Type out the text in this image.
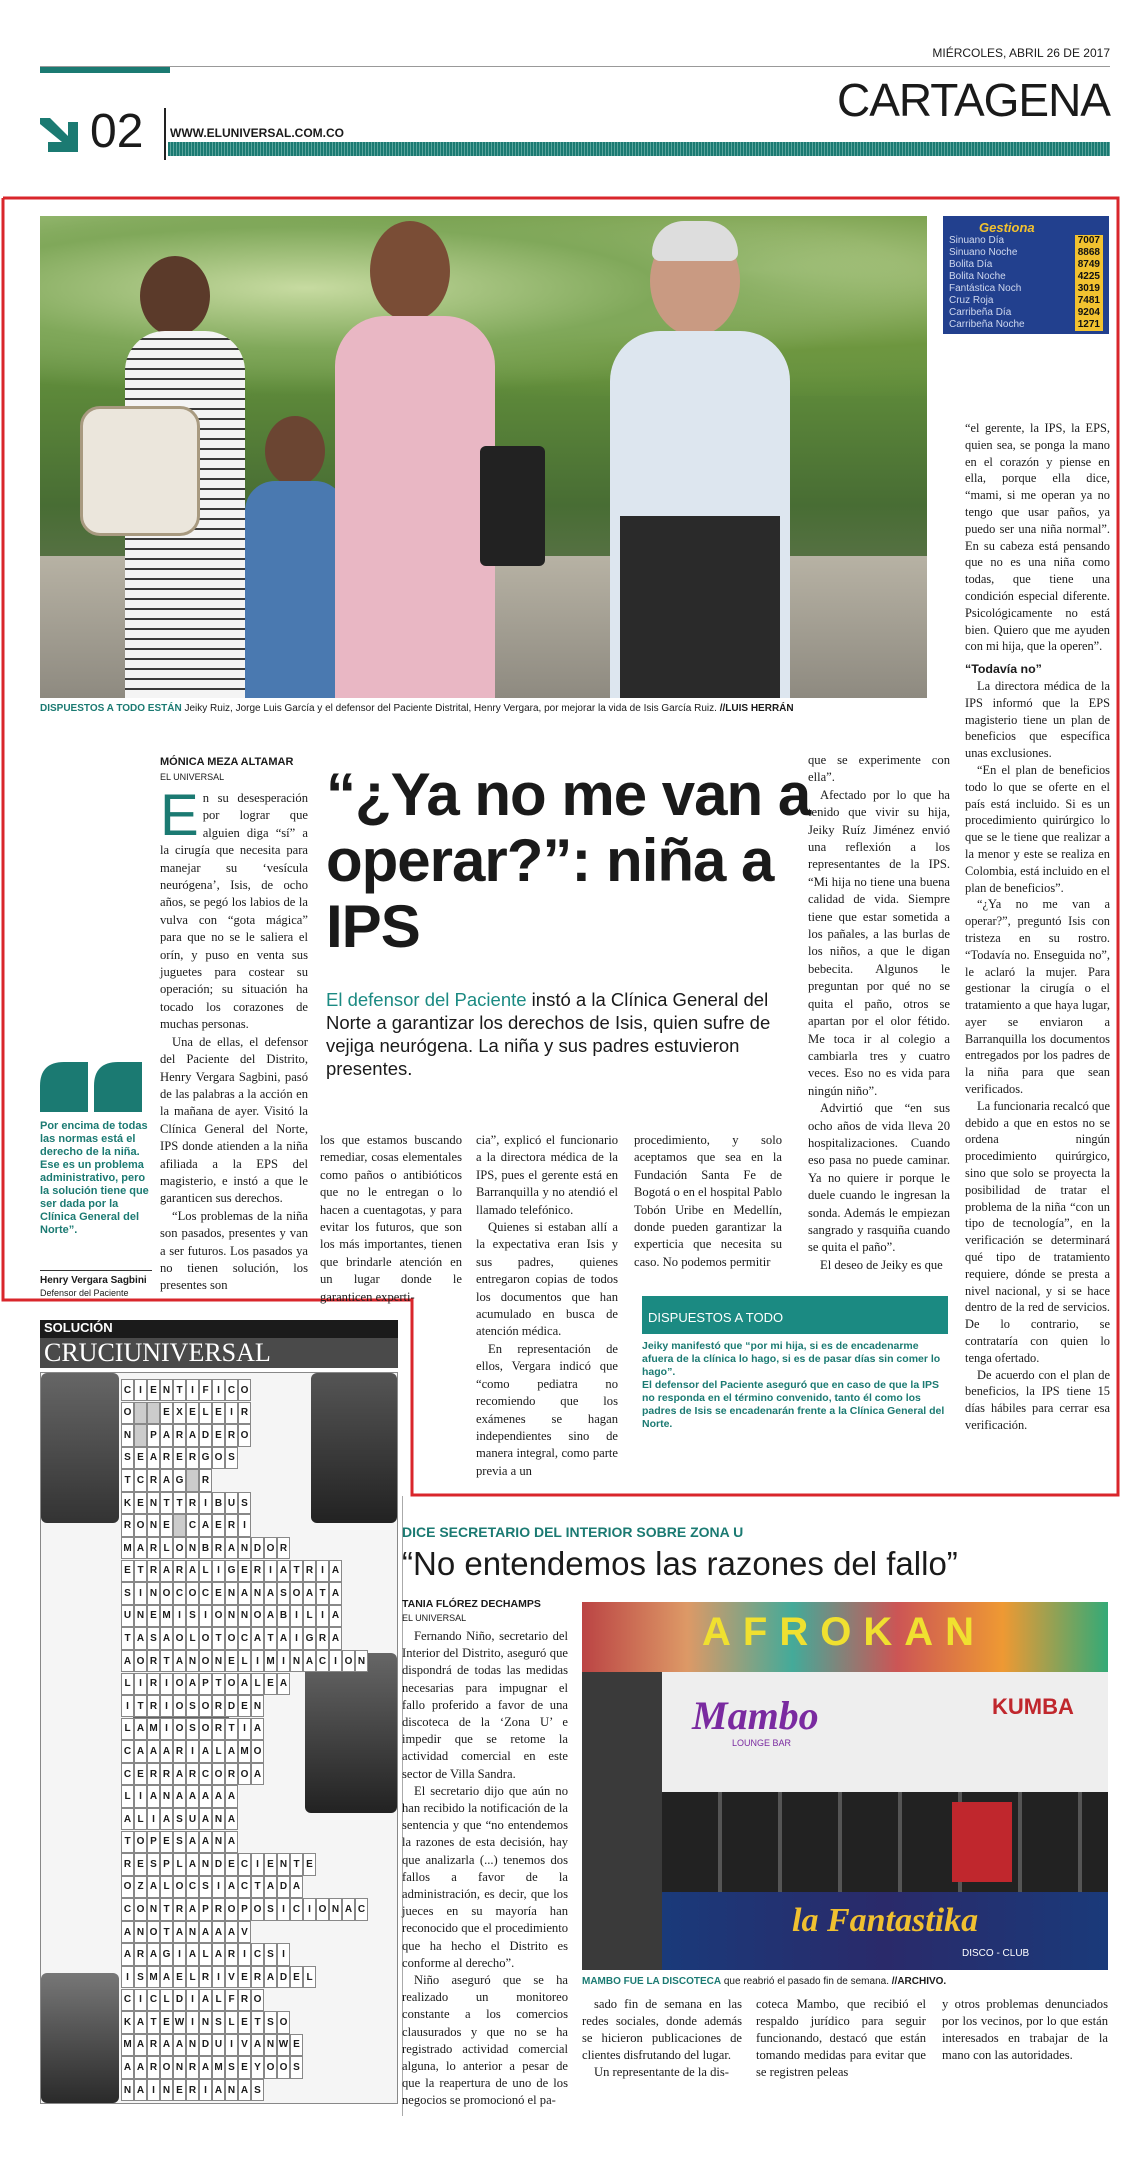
MIÉRCOLES, ABRIL 26 DE 2017
CARTAGENA
02 WWW.ELUNIVERSAL.COM.CO
DISPUESTOS A TODO ESTÁN Jeiky Ruiz, Jorge Luis García y el defensor del Paciente Distrital, Henry Vergara, por mejorar la vida de Isis García Ruiz. //LUIS HERRÁN
Gestiona
Sinuano Día	7007
Sinuano Noche	8868
Bolita Día	8749
Bolita Noche	4225
Fantástica Noch	3019
Cruz Roja	7481
Carribeña Día	9204
Carribeña Noche	1271
MÓNICA MEZA ALTAMAR
EL UNIVERSAL
E n su desesperación por lograr que alguien diga “sí” a la cirugía que necesita para manejar su ‘vesícula neurógena’, Isis, de ocho años, se pegó los labios de la vulva con “gota mágica” para que no se le saliera el orín, y puso en venta sus juguetes para costear su operación; su situación ha tocado los corazones de muchas personas.

Una de ellas, el defensor del Paciente del Distrito, Henry Vergara Sagbini, pasó de las palabras a la acción en la mañana de ayer. Visitó la Clínica General del Norte, IPS donde atienden a la niña afiliada a la EPS del magisterio, e instó a que le garanticen sus derechos.

“Los problemas de la niña son pasados, presentes y van a ser futuros. Los pasados ya no tienen solución, los presentes son

“¿Ya no me van a operar?”: niña a IPS
El defensor del Paciente instó a la Clínica General del Norte a garantizar los derechos de Isis, quien sufre de vejiga neurógena. La niña y sus padres estuvieron presentes.
Por encima de todas las normas está el derecho de la niña. Ese es un problema administrativo, pero la solución tiene que ser dada por la Clínica General del Norte”.
Henry Vergara Sagbini
Defensor del Paciente
los que estamos buscando remediar, cosas elementales como paños o antibióticos que no le entregan o lo hacen a cuentagotas, y para evitar los futuros, que son los más importantes, tienen que brindarle atención en un lugar donde le garanticen experti-
cia”, explicó el funcionario a la directora médica de la IPS, pues el gerente está en Barranquilla y no atendió el llamado telefónico.

Quienes si estaban allí a la expectativa eran Isis y sus padres, quienes entregaron copias de todos los documentos que han acumulado en busca de atención médica.

En representación de ellos, Vergara indicó que “como pediatra no recomiendo que los exámenes se hagan independientes sino de manera integral, como parte previa a un

procedimiento, y solo aceptamos que sea en la Fundación Santa Fe de Bogotá o en el hospital Pablo Tobón Uribe en Medellín, donde pueden garantizar la experticia que necesita su caso. No podemos permitir
que se experimente con ella”.

Afectado por lo que ha tenido que vivir su hija, Jeiky Ruíz Jiménez envió una reflexión a los representantes de la IPS. “Mi hija no tiene una buena calidad de vida. Siempre tiene que estar sometida a los pañales, a las burlas de los niños, a que le digan bebecita. Algunos le preguntan por qué no se quita el paño, otros se apartan por el olor fétido. Me toca ir al colegio a cambiarla tres y cuatro veces. Eso no es vida para ningún niño”.

Advirtió que “en sus ocho años de vida lleva 20 hospitalizaciones. Cuando eso pasa no puede caminar. Ya no quiere ir porque le duele cuando le ingresan la sonda. Además le empiezan sangrado y rasquiña cuando se quita el paño”.

El deseo de Jeiky es que

“el gerente, la IPS, la EPS, quien sea, se ponga la mano en el corazón y piense en ella, porque ella dice, “mami, si me operan ya no tengo que usar paños, ya puedo ser una niña normal”. En su cabeza está pensando que no es una niña como todas, que tiene una condición especial diferente. Psicológicamente no está bien. Quiero que me ayuden con mi hija, que la operen”.
“Todavía no”

La directora médica de la IPS informó que la EPS magisterio tiene un plan de beneficios que específica unas exclusiones.

“En el plan de beneficios todo lo que se oferte en el país está incluido. Si es un procedimiento quirúrgico lo que se le tiene que realizar a la menor y este se realiza en Colombia, está incluido en el plan de beneficios”.

“¿Ya no me van a operar?”, preguntó Isis con tristeza en su rostro. “Todavía no. Enseguida no”, le aclaró la mujer. Para gestionar la cirugía o el tratamiento a que haya lugar, ayer se enviaron a Barranquilla los documentos entregados por los padres de la niña para que sean verificados.

La funcionaria recalcó que debido a que en estos no se ordena ningún procedimiento quirúrgico, sino que solo se proyecta la posibilidad de tratar el problema de la niña “con un tipo de tecnología”, en la verificación se determinará qué tipo de tratamiento requiere, dónde se presta a nivel nacional, y si se hace dentro de la red de servicios. De lo contrario, se contrataría con quien lo tenga ofertado.

De acuerdo con el plan de beneficios, la IPS tiene 15 días hábiles para cerrar esa verificación.

DISPUESTOS A TODO
Jeiky manifestó que “por mi hija, si es de encadenarme afuera de la clínica lo hago, si es de pasar días sin comer lo hago”.
El defensor del Paciente aseguró que en caso de que la IPS no responda en el término convenido, tanto él como los padres de Isis se encadenarán frente a la Clínica General del Norte.
SOLUCIÓN
CRUCIUNIVERSAL
C I E N T I F I C O
O	E X E L E I R
N	P A R A D E R O
S E A R E R G O S
T C R A G R
K E N T T R I B U S
R O N E	C A E R I
M A R L O N B R A N D O R
E T R A R A L I G E R I A T R I A
S I N O C O C E N A N A S O A T A
U N E M I S I O N N O A B I L I A
T A S A O L O T O C A T A I G R A
A O R T A N O N E L I M I N A C I O N
L I R I O A P T O A L E A
I T R I O S O R D E N
L A M I O S O R T I A
C A A A R I A L A M O
C E R R A R C O R O A
L I A N A A A A A
A L I A S U A N A
T O P E S A A N A
R E S P L A N D E C I E N T E
O Z A L O C S I A C T A D A
C O N T R A P R O P O S I C I O N A C
A N O T A N A A A V
A R A G I A L A R I C S I
I S M A E L R I V E R A D E L
C I C L D I A L F R O
K A T E W I N S L E T S O
M A R A A N D U I V A N W E
A A R O N R A M S E Y O O S
N A I N E R I A N A S
DICE SECRETARIO DEL INTERIOR SOBRE ZONA U
“No entendemos las razones del fallo”
TANIA FLÓREZ DECHAMPS
EL UNIVERSAL

Fernando Niño, secretario del Interior del Distrito, aseguró que dispondrá de todas las medidas necesarias para impugnar el fallo proferido a favor de una discoteca de la ‘Zona U’ e impedir que se retome la actividad comercial en este sector de Villa Sandra.

El secretario dijo que aún no han recibido la notificación de la sentencia y que “no entendemos la razones de esta decisión, hay que analizarla (...) tenemos dos fallos a favor de la administración, es decir, que los jueces en su mayoría han reconocido que el procedimiento que ha hecho el Distrito es conforme al derecho”.

Niño aseguró que se ha realizado un monitoreo constante a los comercios clausurados y que no se ha registrado actividad comercial alguna, lo anterior a pesar de que la reapertura de uno de los negocios se promocionó el pa-

AFROKAN
Mambo
LOUNGE BAR
KUMBA
la Fantastika
DISCO - CLUB
MAMBO FUE LA DISCOTECA que reabrió el pasado fin de semana. //ARCHIVO.

sado fin de semana en las redes sociales, donde además se hicieron publicaciones de clientes disfrutando del lugar.

Un representante de la dis-

coteca Mambo, que recibió el respaldo jurídico para seguir funcionando, destacó que están tomando medidas para evitar que se registren peleas
y otros problemas denunciados por los vecinos, por lo que están interesados en trabajar de la mano con las autoridades.
